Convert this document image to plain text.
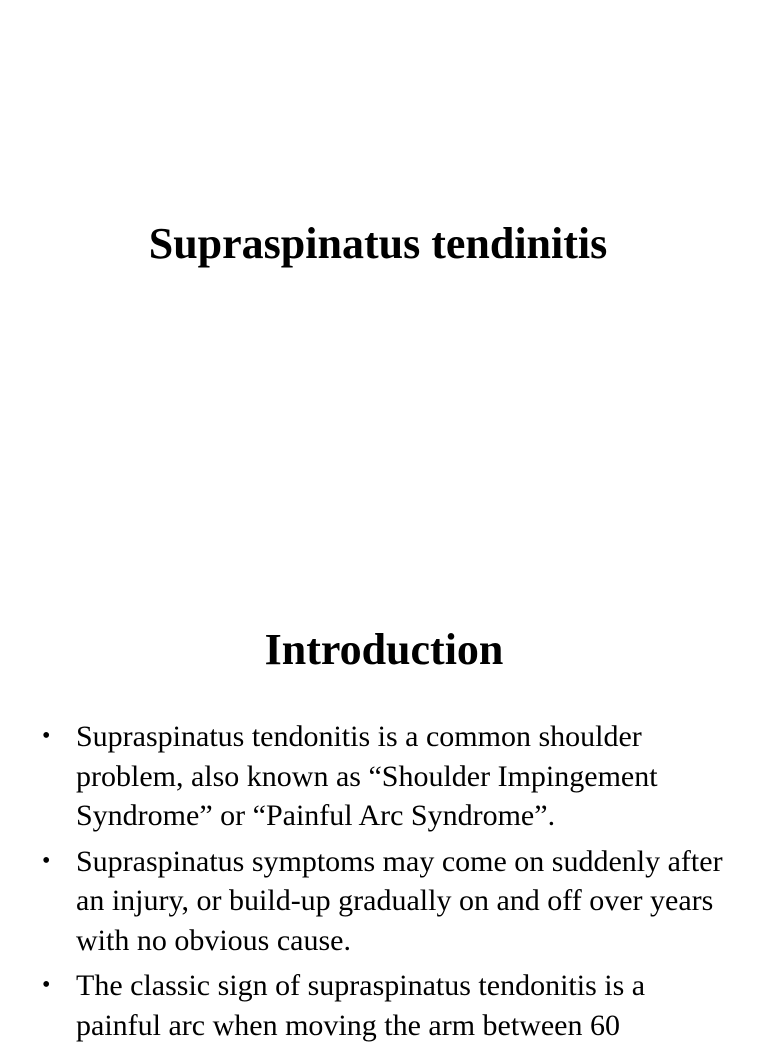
Supraspinatus tendinitis
Introduction
• Supraspinatus tendonitis is a common shoulder problem, also known as “Shoulder Impingement Syndrome” or “Painful Arc Syndrome”.
• Supraspinatus symptoms may come on suddenly after an injury, or build-up gradually on and off over years with no obvious cause.
• The classic sign of supraspinatus tendonitis is a painful arc when moving the arm between 60
